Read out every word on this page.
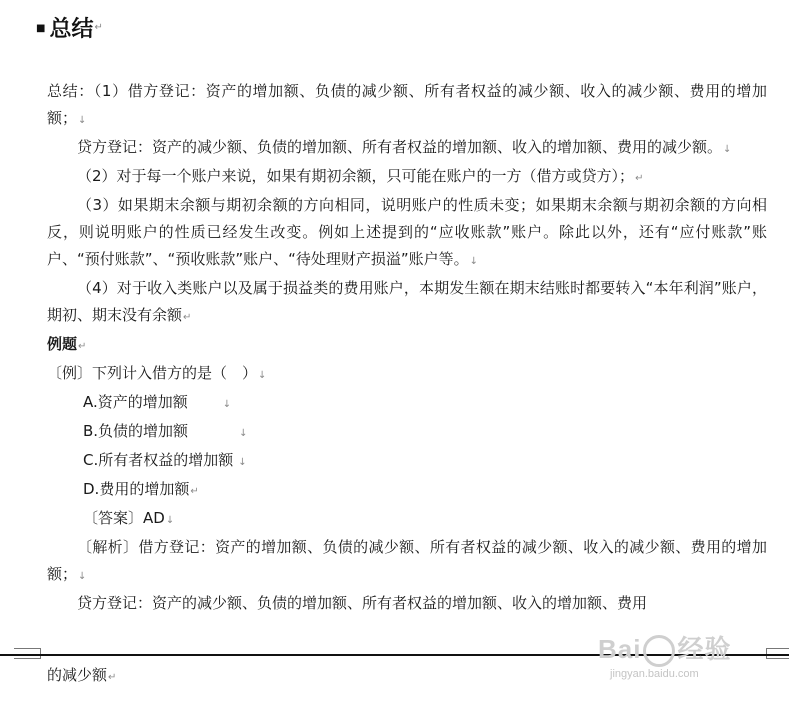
■ 总结 ↵

总结：（1）借方登记：资产的增加额、负债的减少额、所有者权益的减少额、收入的减少额、费用的增加额；↓

贷方登记：资产的减少额、负债的增加额、所有者权益的增加额、收入的增加额、费用的减少额。↓

（2）对于每一个账户来说，如果有期初余额，只可能在账户的一方（借方或贷方）；↵

（3）如果期末余额与期初余额的方向相同，说明账户的性质未变；如果期末余额与期初余额的方向相反，则说明账户的性质已经发生改变。例如上述提到的“应收账款”账户。除此以外，还有“应付账款”账户、“预付账款”、“预收账款”账户、“待处理财产损溢”账户等。↓

（4）对于收入类账户以及属于损益类的费用账户，本期发生额在期末结账时都要转入“本年利润”账户，期初、期末没有余额↵

例题↵

〔例〕下列计入借方的是（　）↓

A.资产的增加额	↓

B.负债的增加额	↓

C.所有者权益的增加额 ↓

D.费用的增加额↵

〔答案〕AD↓

〔解析〕借方登记：资产的增加额、负债的减少额、所有者权益的减少额、收入的减少额、费用的增加额；↓

贷方登记：资产的减少额、负债的增加额、所有者权益的增加额、收入的增加额、费用

的减少额↵

Bai 经验
jingyan.baidu.com
